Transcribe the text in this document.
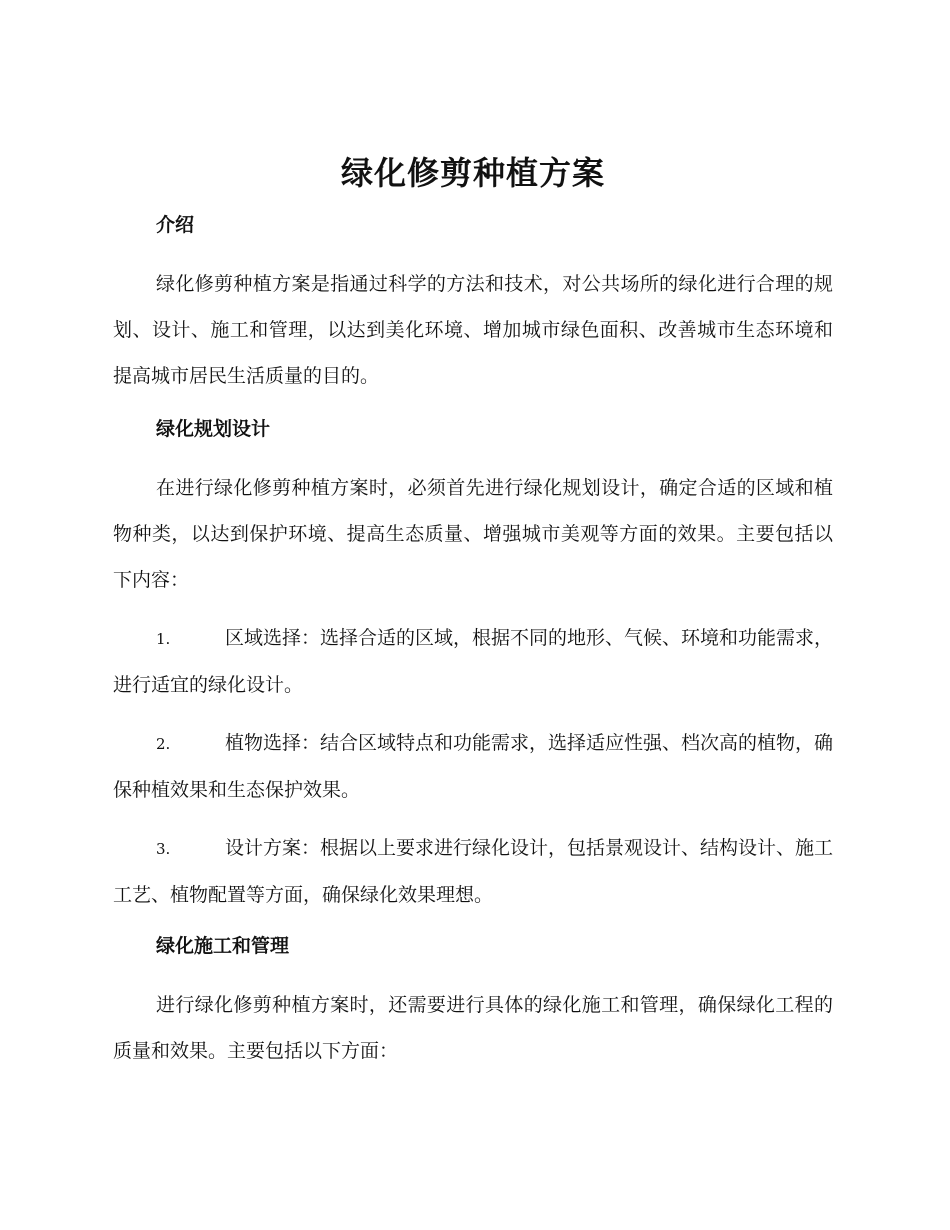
绿化修剪种植方案
介绍

绿化修剪种植方案是指通过科学的方法和技术，对公共场所的绿化进行合理的规划、设计、施工和管理，以达到美化环境、增加城市绿色面积、改善城市生态环境和提高城市居民生活质量的目的。

绿化规划设计

在进行绿化修剪种植方案时，必须首先进行绿化规划设计，确定合适的区域和植物种类，以达到保护环境、提高生态质量、增强城市美观等方面的效果。主要包括以下内容：

1.	区域选择：选择合适的区域，根据不同的地形、气候、环境和功能需求，进行适宜的绿化设计。

2.	植物选择：结合区域特点和功能需求，选择适应性强、档次高的植物，确保种植效果和生态保护效果。

3.	设计方案：根据以上要求进行绿化设计，包括景观设计、结构设计、施工工艺、植物配置等方面，确保绿化效果理想。

绿化施工和管理

进行绿化修剪种植方案时，还需要进行具体的绿化施工和管理，确保绿化工程的质量和效果。主要包括以下方面：
